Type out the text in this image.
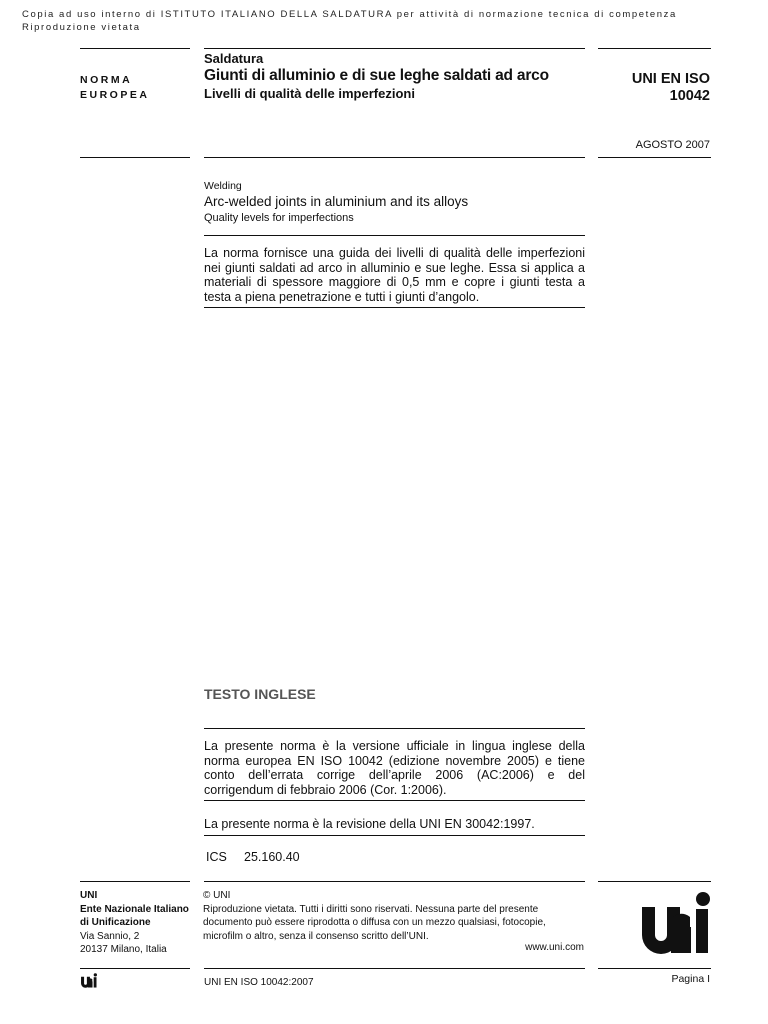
Copia ad uso interno di ISTITUTO ITALIANO DELLA SALDATURA per attività di normazione tecnica di competenza
Riproduzione vietata
NORMA
EUROPEA
Saldatura
Giunti di alluminio e di sue leghe saldati ad arco
Livelli di qualità delle imperfezioni
UNI EN ISO
10042
AGOSTO 2007
Welding
Arc-welded joints in aluminium and its alloys
Quality levels for imperfections
La norma fornisce una guida dei livelli di qualità delle imperfezioni nei giunti saldati ad arco in alluminio e sue leghe. Essa si applica a materiali di spessore maggiore di 0,5 mm e copre i giunti testa a testa a piena penetrazione e tutti i giunti d’angolo.
TESTO INGLESE
La presente norma è la versione ufficiale in lingua inglese della norma europea EN ISO 10042 (edizione novembre 2005) e tiene conto dell’errata corrige dell’aprile 2006 (AC:2006) e del corrigendum di febbraio 2006 (Cor. 1:2006).
La presente norma è la revisione della UNI EN 30042:1997.
ICS 25.160.40
UNI
Ente Nazionale Italiano
di Unificazione
Via Sannio, 2
20137 Milano, Italia
© UNI
Riproduzione vietata. Tutti i diritti sono riservati. Nessuna parte del presente documento può essere riprodotta o diffusa con un mezzo qualsiasi, fotocopie, microfilm o altro, senza il consenso scritto dell’UNI.
www.uni.com
UNI EN ISO 10042:2007	Pagina I
